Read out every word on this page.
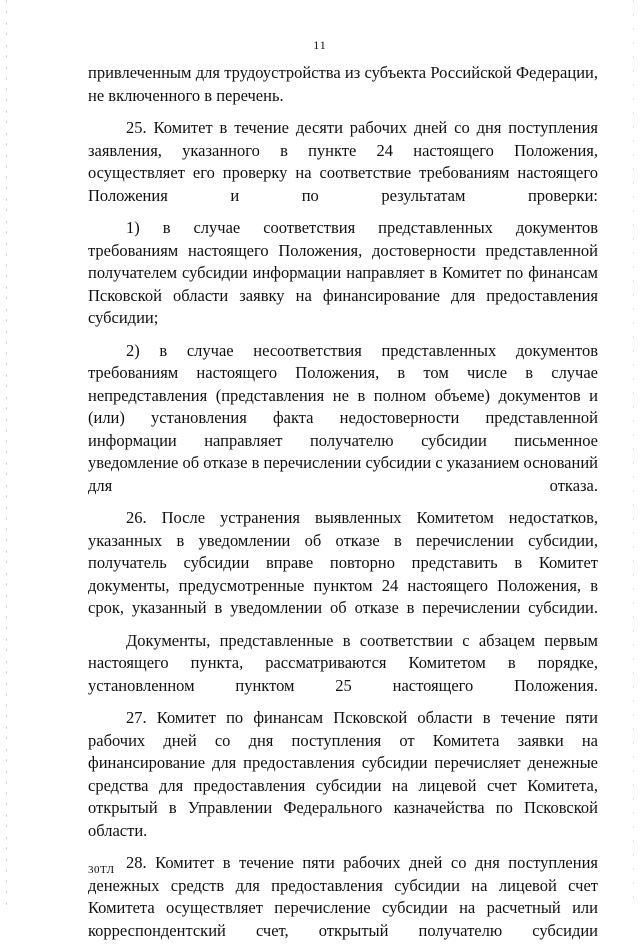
11

привлеченным для трудоустройства из субъекта Российской Федерации, не включенного в перечень.

25. Комитет в течение десяти рабочих дней со дня поступления заявления, указанного в пункте 24 настоящего Положения, осуществляет его проверку на соответствие требованиям настоящего Положения и по результатам проверки:

1) в случае соответствия представленных документов требованиям настоящего Положения, достоверности представленной получателем субсидии информации направляет в Комитет по финансам Псковской области заявку на финансирование для предоставления субсидии;

2) в случае несоответствия представленных документов требованиям настоящего Положения, в том числе в случае непредставления (представления не в полном объеме) документов и (или) установления факта недостоверности представленной информации направляет получателю субсидии письменное уведомление об отказе в перечислении субсидии с указанием оснований для отказа.

26. После устранения выявленных Комитетом недостатков, указанных в уведомлении об отказе в перечислении субсидии, получатель субсидии вправе повторно представить в Комитет документы, предусмотренные пунктом 24 настоящего Положения, в срок, указанный в уведомлении об отказе в перечислении субсидии.

Документы, представленные в соответствии с абзацем первым настоящего пункта, рассматриваются Комитетом в порядке, установленном пунктом 25 настоящего Положения.

27. Комитет по финансам Псковской области в течение пяти рабочих дней со дня поступления от Комитета заявки на финансирование для предоставления субсидии перечисляет денежные средства для предоставления субсидии на лицевой счет Комитета, открытый в Управлении Федерального казначейства по Псковской области.

28. Комитет в течение пяти рабочих дней со дня поступления денежных средств для предоставления субсидии на лицевой счет Комитета осуществляет перечисление субсидии на расчетный или корреспондентский счет, открытый получателю субсидии

30ТЛ
